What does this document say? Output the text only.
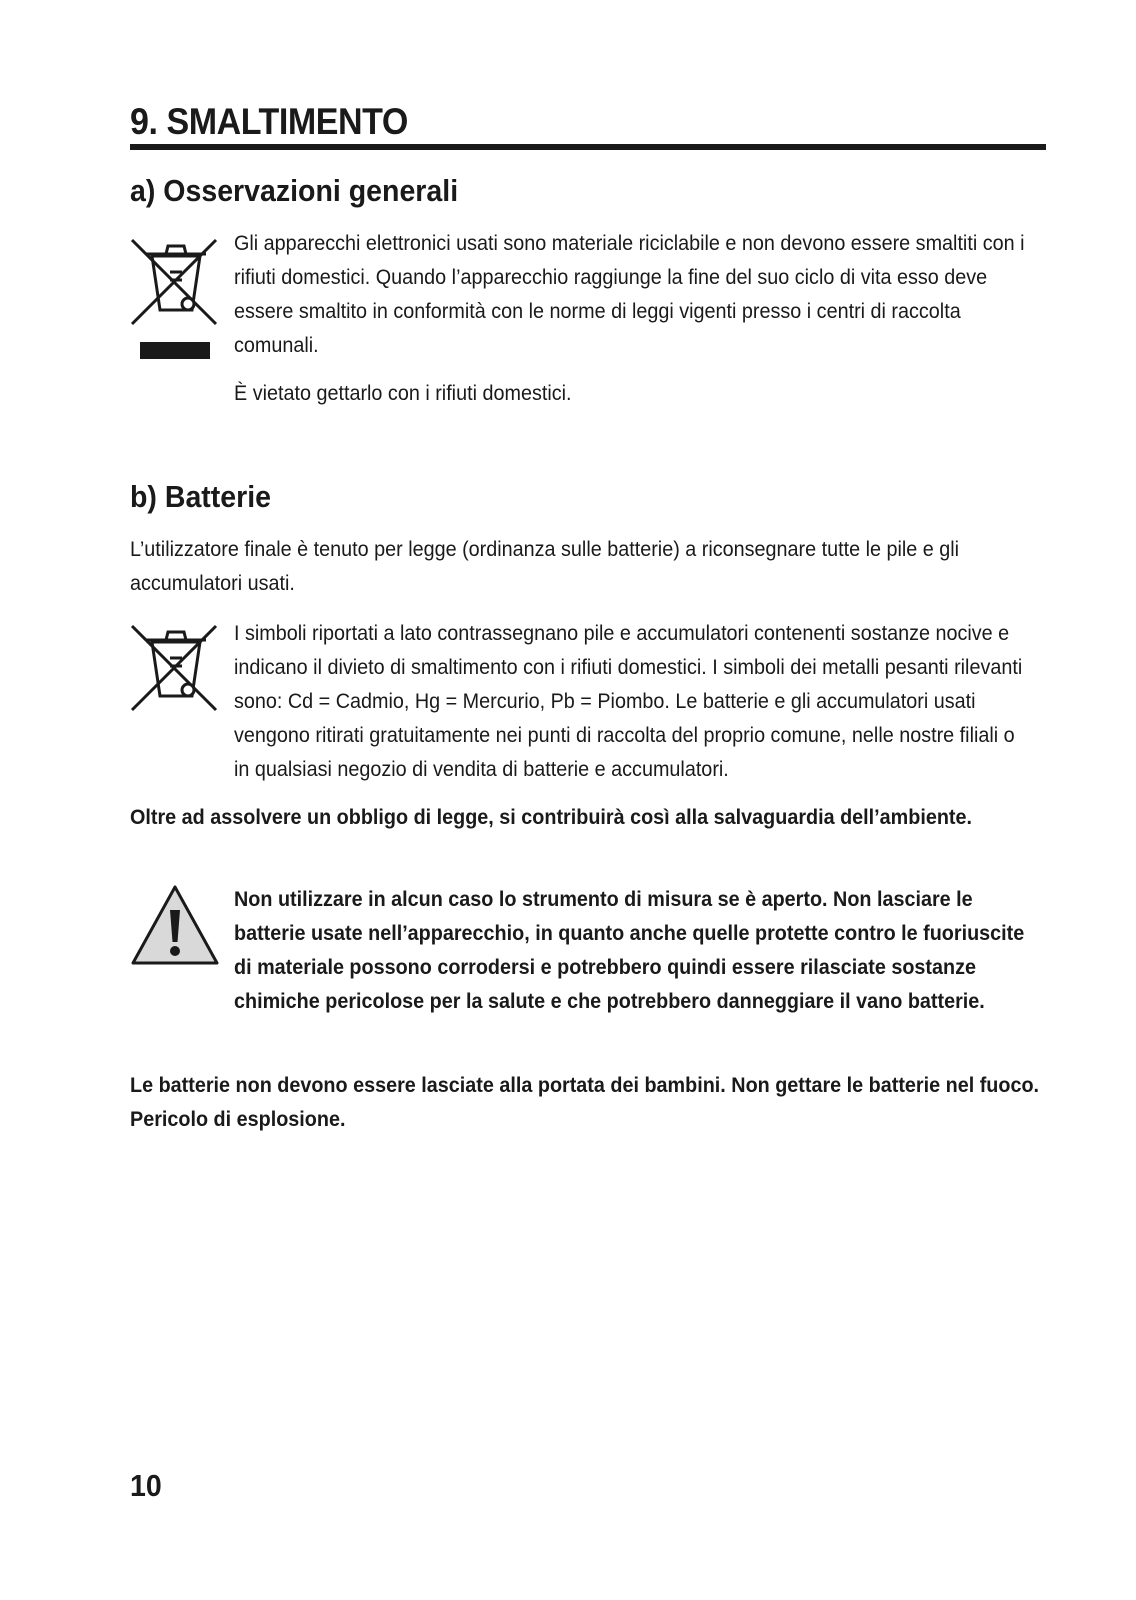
9. SMALTIMENTO
a) Osservazioni generali

Gli apparecchi elettronici usati sono materiale riciclabile e non devono essere smaltiti con i rifiuti domestici. Quando l’apparecchio raggiunge la fine del suo ciclo di vita esso deve essere smaltito in conformità con le norme di leggi vigenti presso i centri di raccolta comunali.

È vietato gettarlo con i rifiuti domestici.

b) Batterie

L’utilizzatore finale è tenuto per legge (ordinanza sulle batterie) a riconsegnare tutte le pile e gli accumulatori usati.

I simboli riportati a lato contrassegnano pile e accumulatori contenenti sostanze nocive e indicano il divieto di smaltimento con i rifiuti domestici. I simboli dei metalli pesanti rilevanti sono: Cd = Cadmio, Hg = Mercurio, Pb = Piombo. Le batterie e gli accumulatori usati vengono ritirati gratuitamente nei punti di raccolta del proprio comune, nelle nostre filiali o in qualsiasi negozio di vendita di batterie e accumulatori.

Oltre ad assolvere un obbligo di legge, si contribuirà così alla salvaguardia dell’ambiente.

Non utilizzare in alcun caso lo strumento di misura se è aperto. Non lasciare le batterie usate nell’apparecchio, in quanto anche quelle protette contro le fuoriuscite di materiale possono corrodersi e potrebbero quindi essere rilasciate sostanze chimiche pericolose per la salute e che potrebbero danneggiare il vano batterie.

Le batterie non devono essere lasciate alla portata dei bambini. Non gettare le batterie nel fuoco. Pericolo di esplosione.

10
